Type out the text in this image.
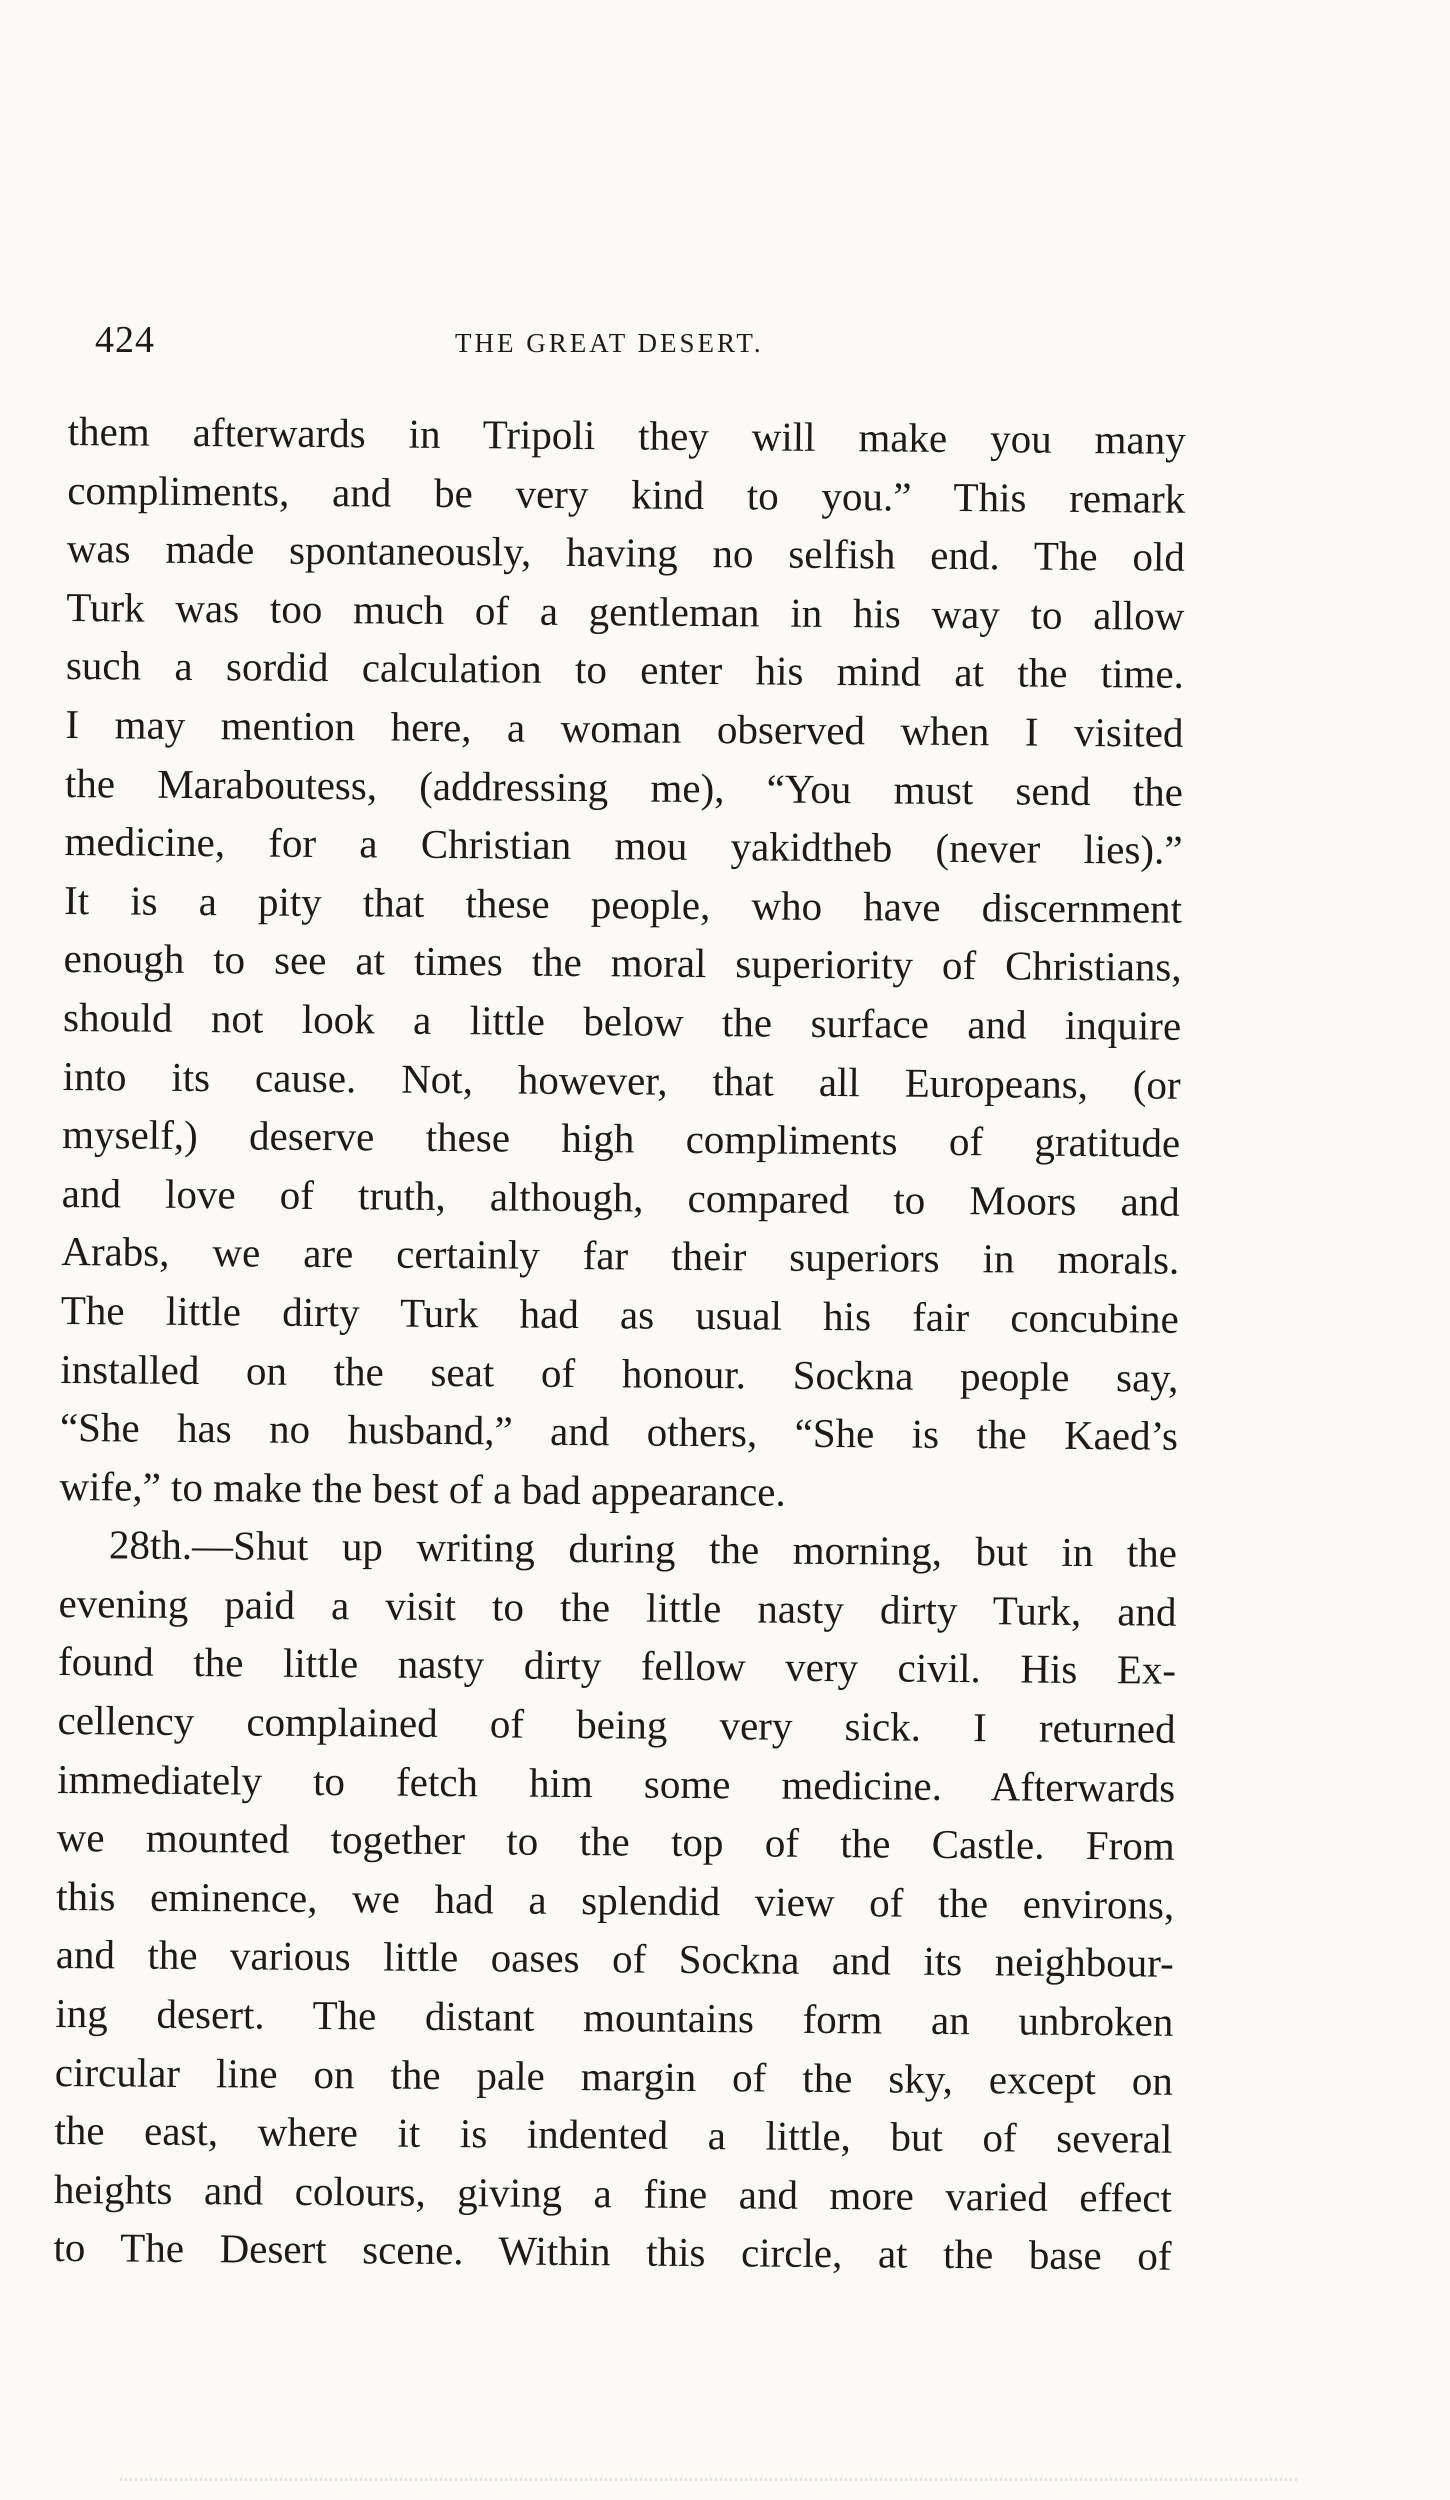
424	THE GREAT DESERT.
them afterwards in Tripoli they will make you many
compliments, and be very kind to you.” This remark
was made spontaneously, having no selfish end. The old
Turk was too much of a gentleman in his way to allow
such a sordid calculation to enter his mind at the time.
I may mention here, a woman observed when I visited
the Maraboutess, (addressing me), “You must send the
medicine, for a Christian mou yakidtheb (never lies).”
It is a pity that these people, who have discernment
enough to see at times the moral superiority of Christians,
should not look a little below the surface and inquire
into its cause. Not, however, that all Europeans, (or
myself,) deserve these high compliments of gratitude
and love of truth, although, compared to Moors and
Arabs, we are certainly far their superiors in morals.
The little dirty Turk had as usual his fair concubine
installed on the seat of honour. Sockna people say,
“She has no husband,” and others, “She is the Kaed’s
wife,” to make the best of a bad appearance.
28th.—Shut up writing during the morning, but in the
evening paid a visit to the little nasty dirty Turk, and
found the little nasty dirty fellow very civil. His Ex-
cellency complained of being very sick. I returned
immediately to fetch him some medicine. Afterwards
we mounted together to the top of the Castle. From
this eminence, we had a splendid view of the environs,
and the various little oases of Sockna and its neighbour-
ing desert. The distant mountains form an unbroken
circular line on the pale margin of the sky, except on
the east, where it is indented a little, but of several
heights and colours, giving a fine and more varied effect
to The Desert scene. Within this circle, at the base of
